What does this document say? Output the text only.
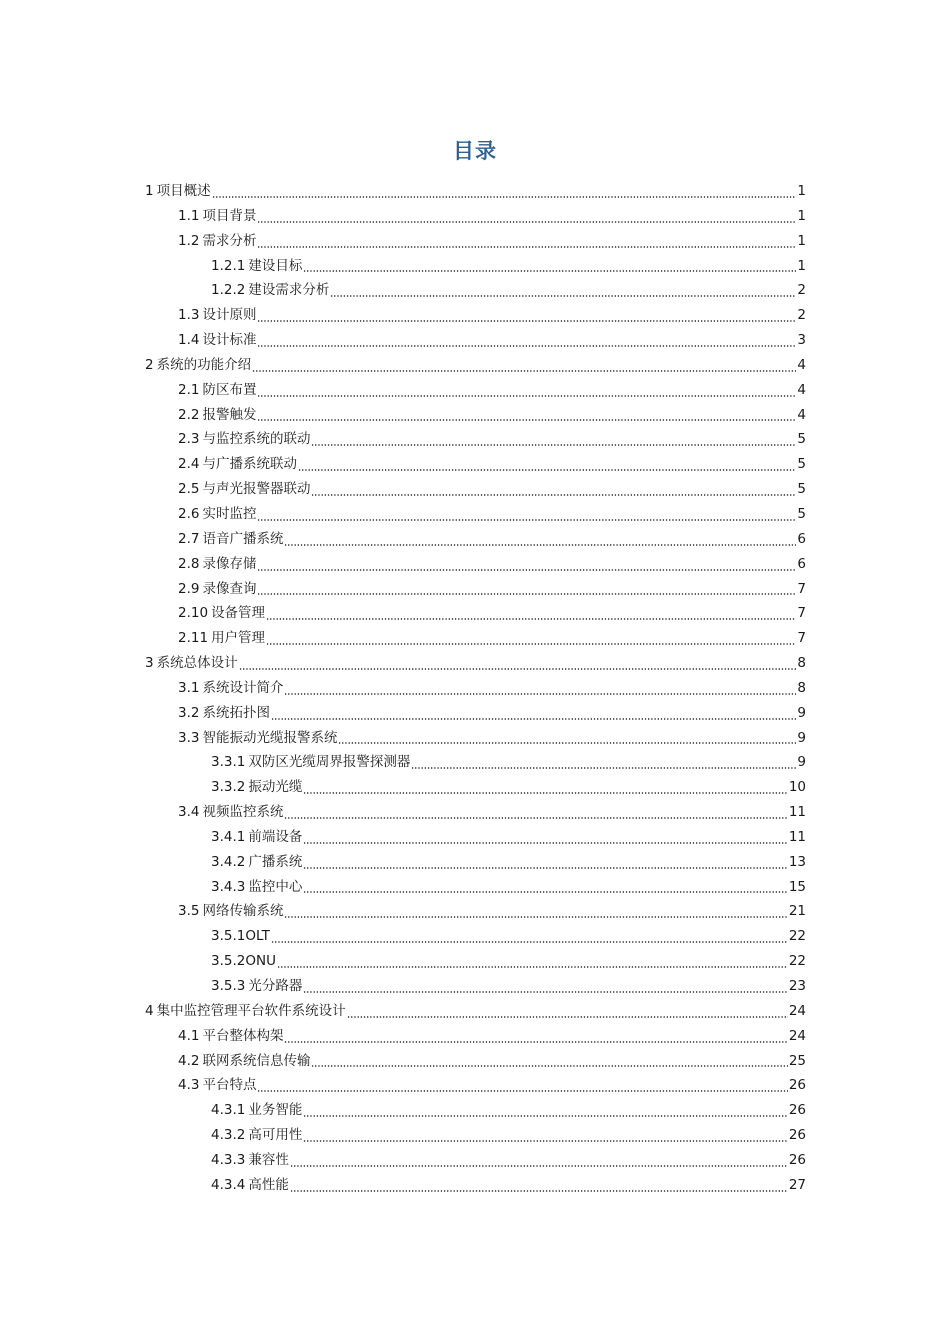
目录
1 项目概述	1
1.1 项目背景	1
1.2 需求分析	1
1.2.1 建设目标	1
1.2.2 建设需求分析	2
1.3 设计原则	2
1.4 设计标准	3
2 系统的功能介绍	4
2.1 防区布置	4
2.2 报警触发	4
2.3 与监控系统的联动	5
2.4 与广播系统联动	5
2.5 与声光报警器联动	5
2.6 实时监控	5
2.7 语音广播系统	6
2.8 录像存储	6
2.9 录像查询	7
2.10 设备管理	7
2.11 用户管理	7
3 系统总体设计	8
3.1 系统设计简介	8
3.2 系统拓扑图	9
3.3 智能振动光缆报警系统	9
3.3.1 双防区光缆周界报警探测器	9
3.3.2 振动光缆	10
3.4 视频监控系统	11
3.4.1 前端设备	11
3.4.2 广播系统	13
3.4.3 监控中心	15
3.5 网络传输系统	21
3.5.1OLT	22
3.5.2ONU	22
3.5.3 光分路器	23
4 集中监控管理平台软件系统设计	24
4.1 平台整体构架	24
4.2 联网系统信息传输	25
4.3 平台特点	26
4.3.1 业务智能	26
4.3.2 高可用性	26
4.3.3 兼容性	26
4.3.4 高性能	27
